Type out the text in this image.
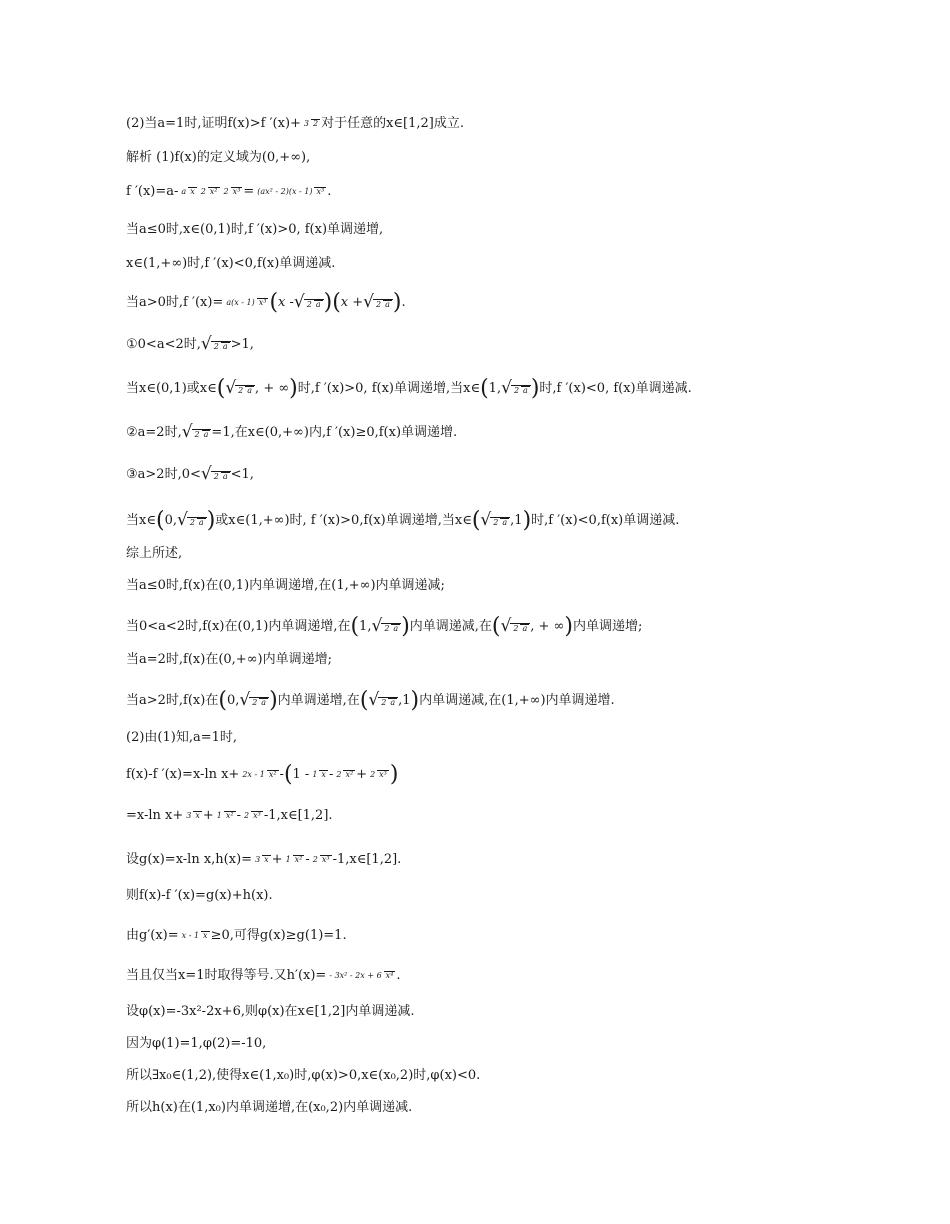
(2)当a=1时,证明f(x)>f ′(x)+ 3 2 对于任意的x∈[1,2]成立.
解析 (1)f(x)的定义域为(0,+∞),
f ′(x)=a- a x 2 x² 2 x³ = (ax² - 2)(x - 1) x³ .
当a≤0时,x∈(0,1)时,f ′(x)>0, f(x)单调递增,
x∈(1,+∞)时,f ′(x)<0,f(x)单调递减.
当a>0时,f ′(x)= a(x - 1) x³ ( x - √ 2 a ) ( x + √ 2 a ) .
①0<a<2时, √ 2 a >1,
当x∈(0,1)或x∈ ( √ 2 a , + ∞ ) 时,f ′(x)>0, f(x)单调递增,当x∈ ( 1 , √ 2 a ) 时,f ′(x)<0, f(x)单调递减.
②a=2时, √ 2 a =1,在x∈(0,+∞)内,f ′(x)≥0,f(x)单调递增.
③a>2时,0< √ 2 a <1,
当x∈ ( 0 , √ 2 a ) 或x∈(1,+∞)时, f ′(x)>0,f(x)单调递增,当x∈ ( √ 2 a , 1 ) 时,f ′(x)<0,f(x)单调递减.
综上所述,
当a≤0时,f(x)在(0,1)内单调递增,在(1,+∞)内单调递减;
当0<a<2时,f(x)在(0,1)内单调递增,在 ( 1 , √ 2 a ) 内单调递减,在 ( √ 2 a , + ∞ ) 内单调递增;
当a=2时,f(x)在(0,+∞)内单调递增;
当a>2时,f(x)在 ( 0 , √ 2 a ) 内单调递增,在 ( √ 2 a , 1 ) 内单调递减,在(1,+∞)内单调递增.
(2)由(1)知,a=1时,
f(x)-f ′(x)=x-ln x+ 2x - 1 x² - ( 1 - 1 x - 2 x² + 2 x³ )
=x-ln x+ 3 x + 1 x² - 2 x³ -1,x∈[1,2].
设g(x)=x-ln x,h(x)= 3 x + 1 x² - 2 x³ -1,x∈[1,2].
则f(x)-f ′(x)=g(x)+h(x).
由g′(x)= x - 1 x ≥0,可得g(x)≥g(1)=1.
当且仅当x=1时取得等号.又h′(x)= - 3x² - 2x + 6 x⁴ .
设φ(x)=-3x²-2x+6,则φ(x)在x∈[1,2]内单调递减.
因为φ(1)=1,φ(2)=-10,
所以∃x₀∈(1,2),使得x∈(1,x₀)时,φ(x)>0,x∈(x₀,2)时,φ(x)<0.
所以h(x)在(1,x₀)内单调递增,在(x₀,2)内单调递减.
